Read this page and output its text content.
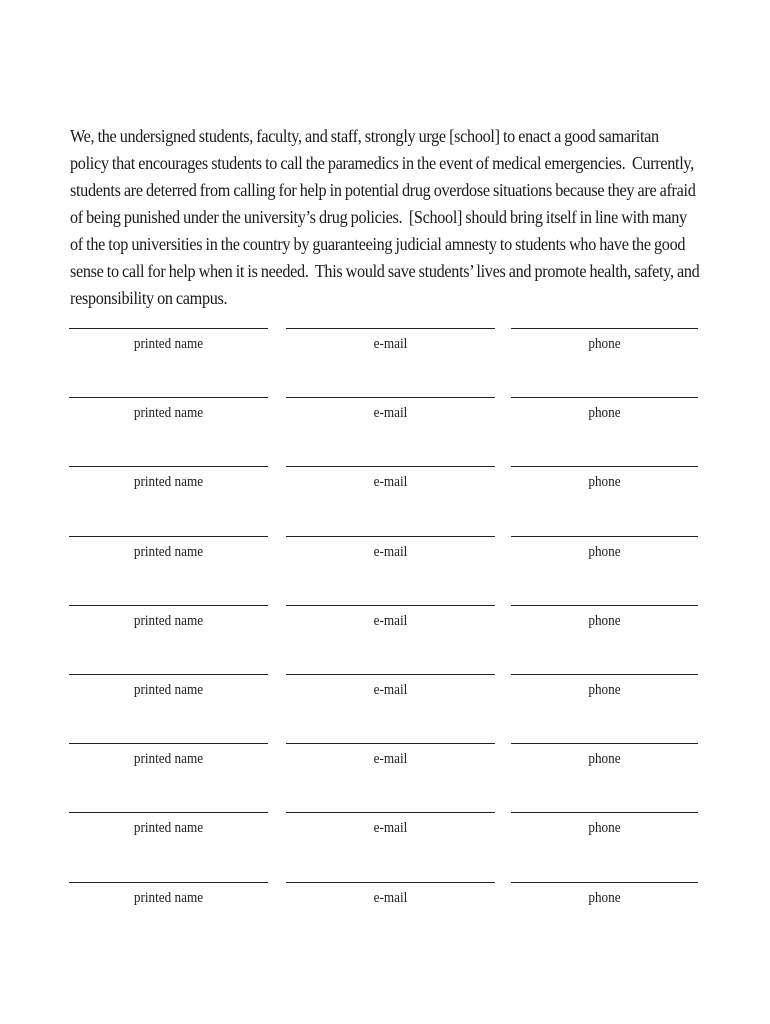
We, the undersigned students, faculty, and staff, strongly urge [school] to enact a good samaritan policy that encourages students to call the paramedics in the event of medical emergencies.  Currently, students are deterred from calling for help in potential drug overdose situations because they are afraid of being punished under the university’s drug policies.  [School] should bring itself in line with many of the top universities in the country by guaranteeing judicial amnesty to students who have the good sense to call for help when it is needed.  This would save students’ lives and promote health, safety, and responsibility on campus.

printed name	e-mail	phone
printed name	e-mail	phone
printed name	e-mail	phone
printed name	e-mail	phone
printed name	e-mail	phone
printed name	e-mail	phone
printed name	e-mail	phone
printed name	e-mail	phone
printed name	e-mail	phone
